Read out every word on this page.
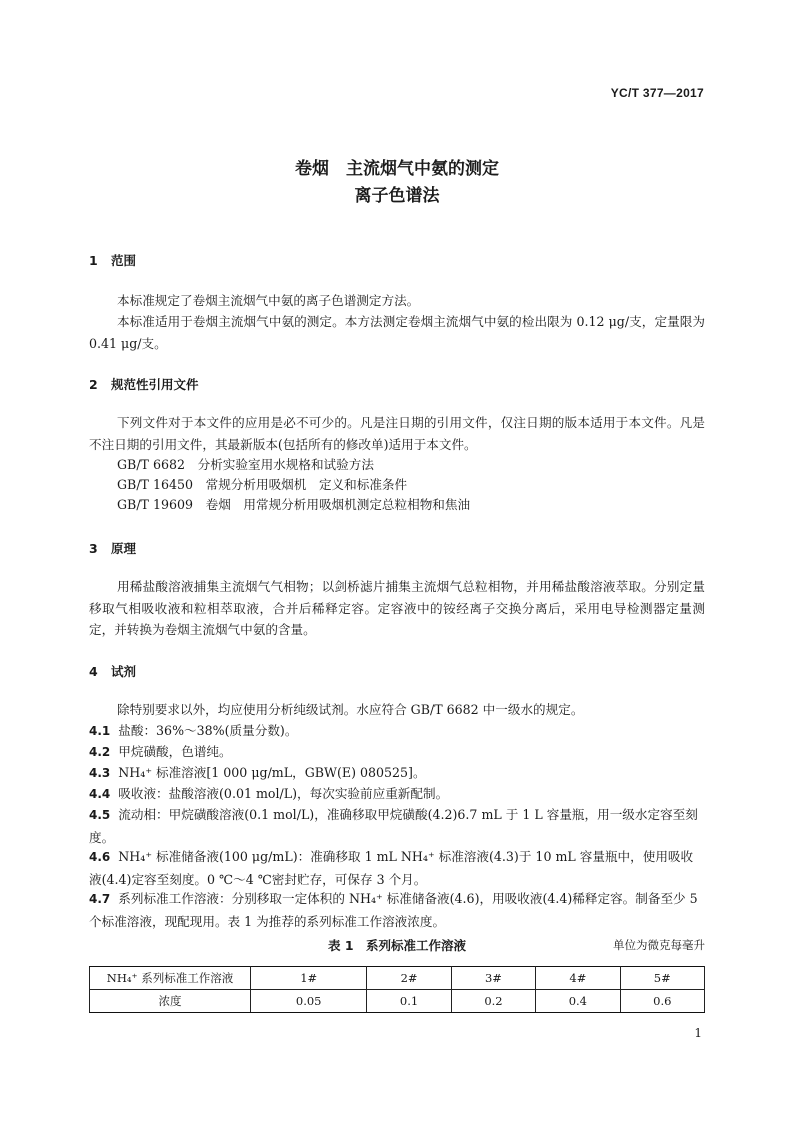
YC/T 377—2017
卷烟　主流烟气中氨的测定
离子色谱法
1 范围
本标准规定了卷烟主流烟气中氨的离子色谱测定方法。
本标准适用于卷烟主流烟气中氨的测定。本方法测定卷烟主流烟气中氨的检出限为 0.12 μg/支，定量限为 0.41 μg/支。
2 规范性引用文件
下列文件对于本文件的应用是必不可少的。凡是注日期的引用文件，仅注日期的版本适用于本文件。凡是不注日期的引用文件，其最新版本(包括所有的修改单)适用于本文件。
GB/T 6682　分析实验室用水规格和试验方法
GB/T 16450　常规分析用吸烟机　定义和标准条件
GB/T 19609　卷烟　用常规分析用吸烟机测定总粒相物和焦油
3 原理
用稀盐酸溶液捕集主流烟气气相物；以剑桥滤片捕集主流烟气总粒相物，并用稀盐酸溶液萃取。分别定量移取气相吸收液和粒相萃取液，合并后稀释定容。定容液中的铵经离子交换分离后，采用电导检测器定量测定，并转换为卷烟主流烟气中氨的含量。
4 试剂
除特别要求以外，均应使用分析纯级试剂。水应符合 GB/T 6682 中一级水的规定。
4.1 盐酸：36%～38%(质量分数)。
4.2 甲烷磺酸，色谱纯。
4.3 NH₄⁺ 标准溶液[1 000 μg/mL，GBW(E) 080525]。
4.4 吸收液：盐酸溶液(0.01 mol/L)，每次实验前应重新配制。
4.5 流动相：甲烷磺酸溶液(0.1 mol/L)，准确移取甲烷磺酸(4.2)6.7 mL 于 1 L 容量瓶，用一级水定容至刻度。
4.6 NH₄⁺ 标准储备液(100 μg/mL)：准确移取 1 mL NH₄⁺ 标准溶液(4.3)于 10 mL 容量瓶中，使用吸收液(4.4)定容至刻度。0 ℃～4 ℃密封贮存，可保存 3 个月。
4.7 系列标准工作溶液：分别移取一定体积的 NH₄⁺ 标准储备液(4.6)，用吸收液(4.4)稀释定容。制备至少 5 个标准溶液，现配现用。表 1 为推荐的系列标准工作溶液浓度。
表 1　系列标准工作溶液	单位为微克每毫升
NH₄⁺ 系列标准工作溶液	1#	2#	3#	4#	5#
浓度	0.05	0.1	0.2	0.4	0.6
1
